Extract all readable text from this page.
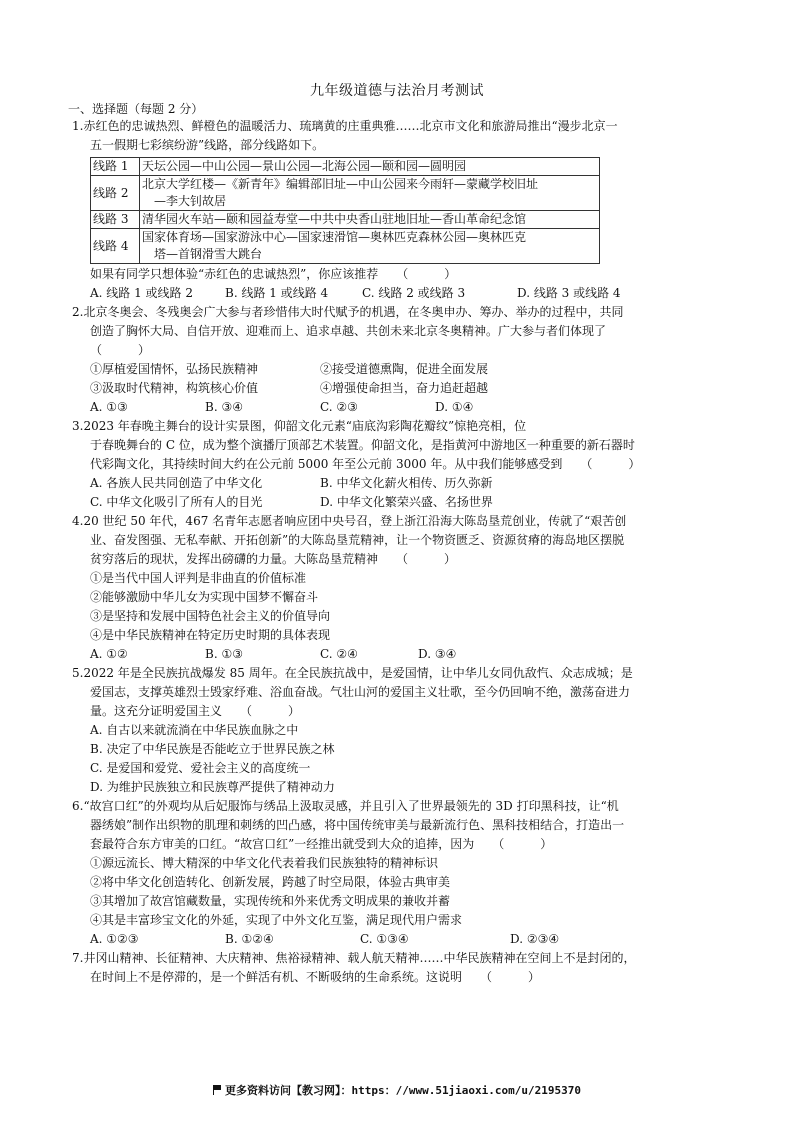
九年级道德与法治月考测试
一、选择题（每题 2 分）

1.赤红色的忠诚热烈、鲜橙色的温暖活力、琉璃黄的庄重典雅……北京市文化和旅游局推出“漫步北京一

五一假期七彩缤纷游”线路，部分线路如下。

线路 1	天坛公园—中山公园—景山公园—北海公园—颐和园—圆明园
线路 2	北京大学红楼—《新青年》编辑部旧址—中山公园来今雨轩—蒙藏学校旧址
—李大钊故居

线路 3	清华园火车站—颐和园益寿堂—中共中央香山驻地旧址—香山革命纪念馆
线路 4	国家体育场—国家游泳中心—国家速滑馆—奥林匹克森林公园—奥林匹克
塔—首钢滑雪大跳台

如果有同学只想体验“赤红色的忠诚热烈”，你应该推荐　　（　　　）

A. 线路 1 或线路 2	B. 线路 1 或线路 4	C. 线路 2 或线路 3	D. 线路 3 或线路 4

2.北京冬奥会、冬残奥会广大参与者珍惜伟大时代赋予的机遇，在冬奥申办、筹办、举办的过程中，共同

创造了胸怀大局、自信开放、迎难而上、追求卓越、共创未来北京冬奥精神。广大参与者们体现了

（　　　）

①厚植爱国情怀，弘扬民族精神	②接受道德熏陶，促进全面发展
③汲取时代精神，构筑核心价值	④增强使命担当，奋力追赶超越
A. ①③	B. ③④	C. ②③	D. ①④

3.2023 年春晚主舞台的设计实景图，仰韶文化元素“庙底沟彩陶花瓣纹”惊艳亮相，位

于春晚舞台的 C 位，成为整个演播厅顶部艺术装置。仰韶文化，是指黄河中游地区一种重要的新石器时

代彩陶文化，其持续时间大约在公元前 5000 年至公元前 3000 年。从中我们能够感受到　　（　　　）

A. 各族人民共同创造了中华文化	B. 中华文化薪火相传、历久弥新
C. 中华文化吸引了所有人的目光	D. 中华文化繁荣兴盛、名扬世界

4.20 世纪 50 年代，467 名青年志愿者响应团中央号召，登上浙江沿海大陈岛垦荒创业，传就了“艰苦创

业、奋发图强、无私奉献、开拓创新”的大陈岛垦荒精神，让一个物资匮乏、资源贫瘠的海岛地区摆脱

贫穷落后的现状，发挥出磅礴的力量。大陈岛垦荒精神　　（　　　）

①是当代中国人评判是非曲直的价值标准

②能够激励中华儿女为实现中国梦不懈奋斗

③是坚持和发展中国特色社会主义的价值导向

④是中华民族精神在特定历史时期的具体表现

A. ①②	B. ①③	C. ②④	D. ③④

5.2022 年是全民族抗战爆发 85 周年。在全民族抗战中，是爱国情，让中华儿女同仇敌忾、众志成城；是

爱国志，支撑英雄烈士毁家纾难、浴血奋战。气壮山河的爱国主义壮歌，至今仍回响不绝，激荡奋进力

量。这充分证明爱国主义　　（　　　）

A. 自古以来就流淌在中华民族血脉之中

B. 决定了中华民族是否能屹立于世界民族之林

C. 是爱国和爱党、爱社会主义的高度统一

D. 为维护民族独立和民族尊严提供了精神动力

6.“故宫口红”的外观均从后妃服饰与绣品上汲取灵感，并且引入了世界最领先的 3D 打印黑科技，让“机

器绣娘”制作出织物的肌理和刺绣的凹凸感，将中国传统审美与最新流行色、黑科技相结合，打造出一

套最符合东方审美的口红。“故宫口红”一经推出就受到大众的追捧，因为　　（　　　）

①源远流长、博大精深的中华文化代表着我们民族独特的精神标识

②将中华文化创造转化、创新发展，跨越了时空局限，体验古典审美

③其增加了故宫馆藏数量，实现传统和外来优秀文明成果的兼收并蓄

④其是丰富珍宝文化的外延，实现了中外文化互鉴，满足现代用户需求

A. ①②③	B. ①②④	C. ①③④	D. ②③④

7.井冈山精神、长征精神、大庆精神、焦裕禄精神、载人航天精神……中华民族精神在空间上不是封闭的，

在时间上不是停滞的，是一个鲜活有机、不断吸纳的生命系统。这说明　　（　　　）

更多资料访问【教习网】：https：//www.51jiaoxi.com/u/2195370
